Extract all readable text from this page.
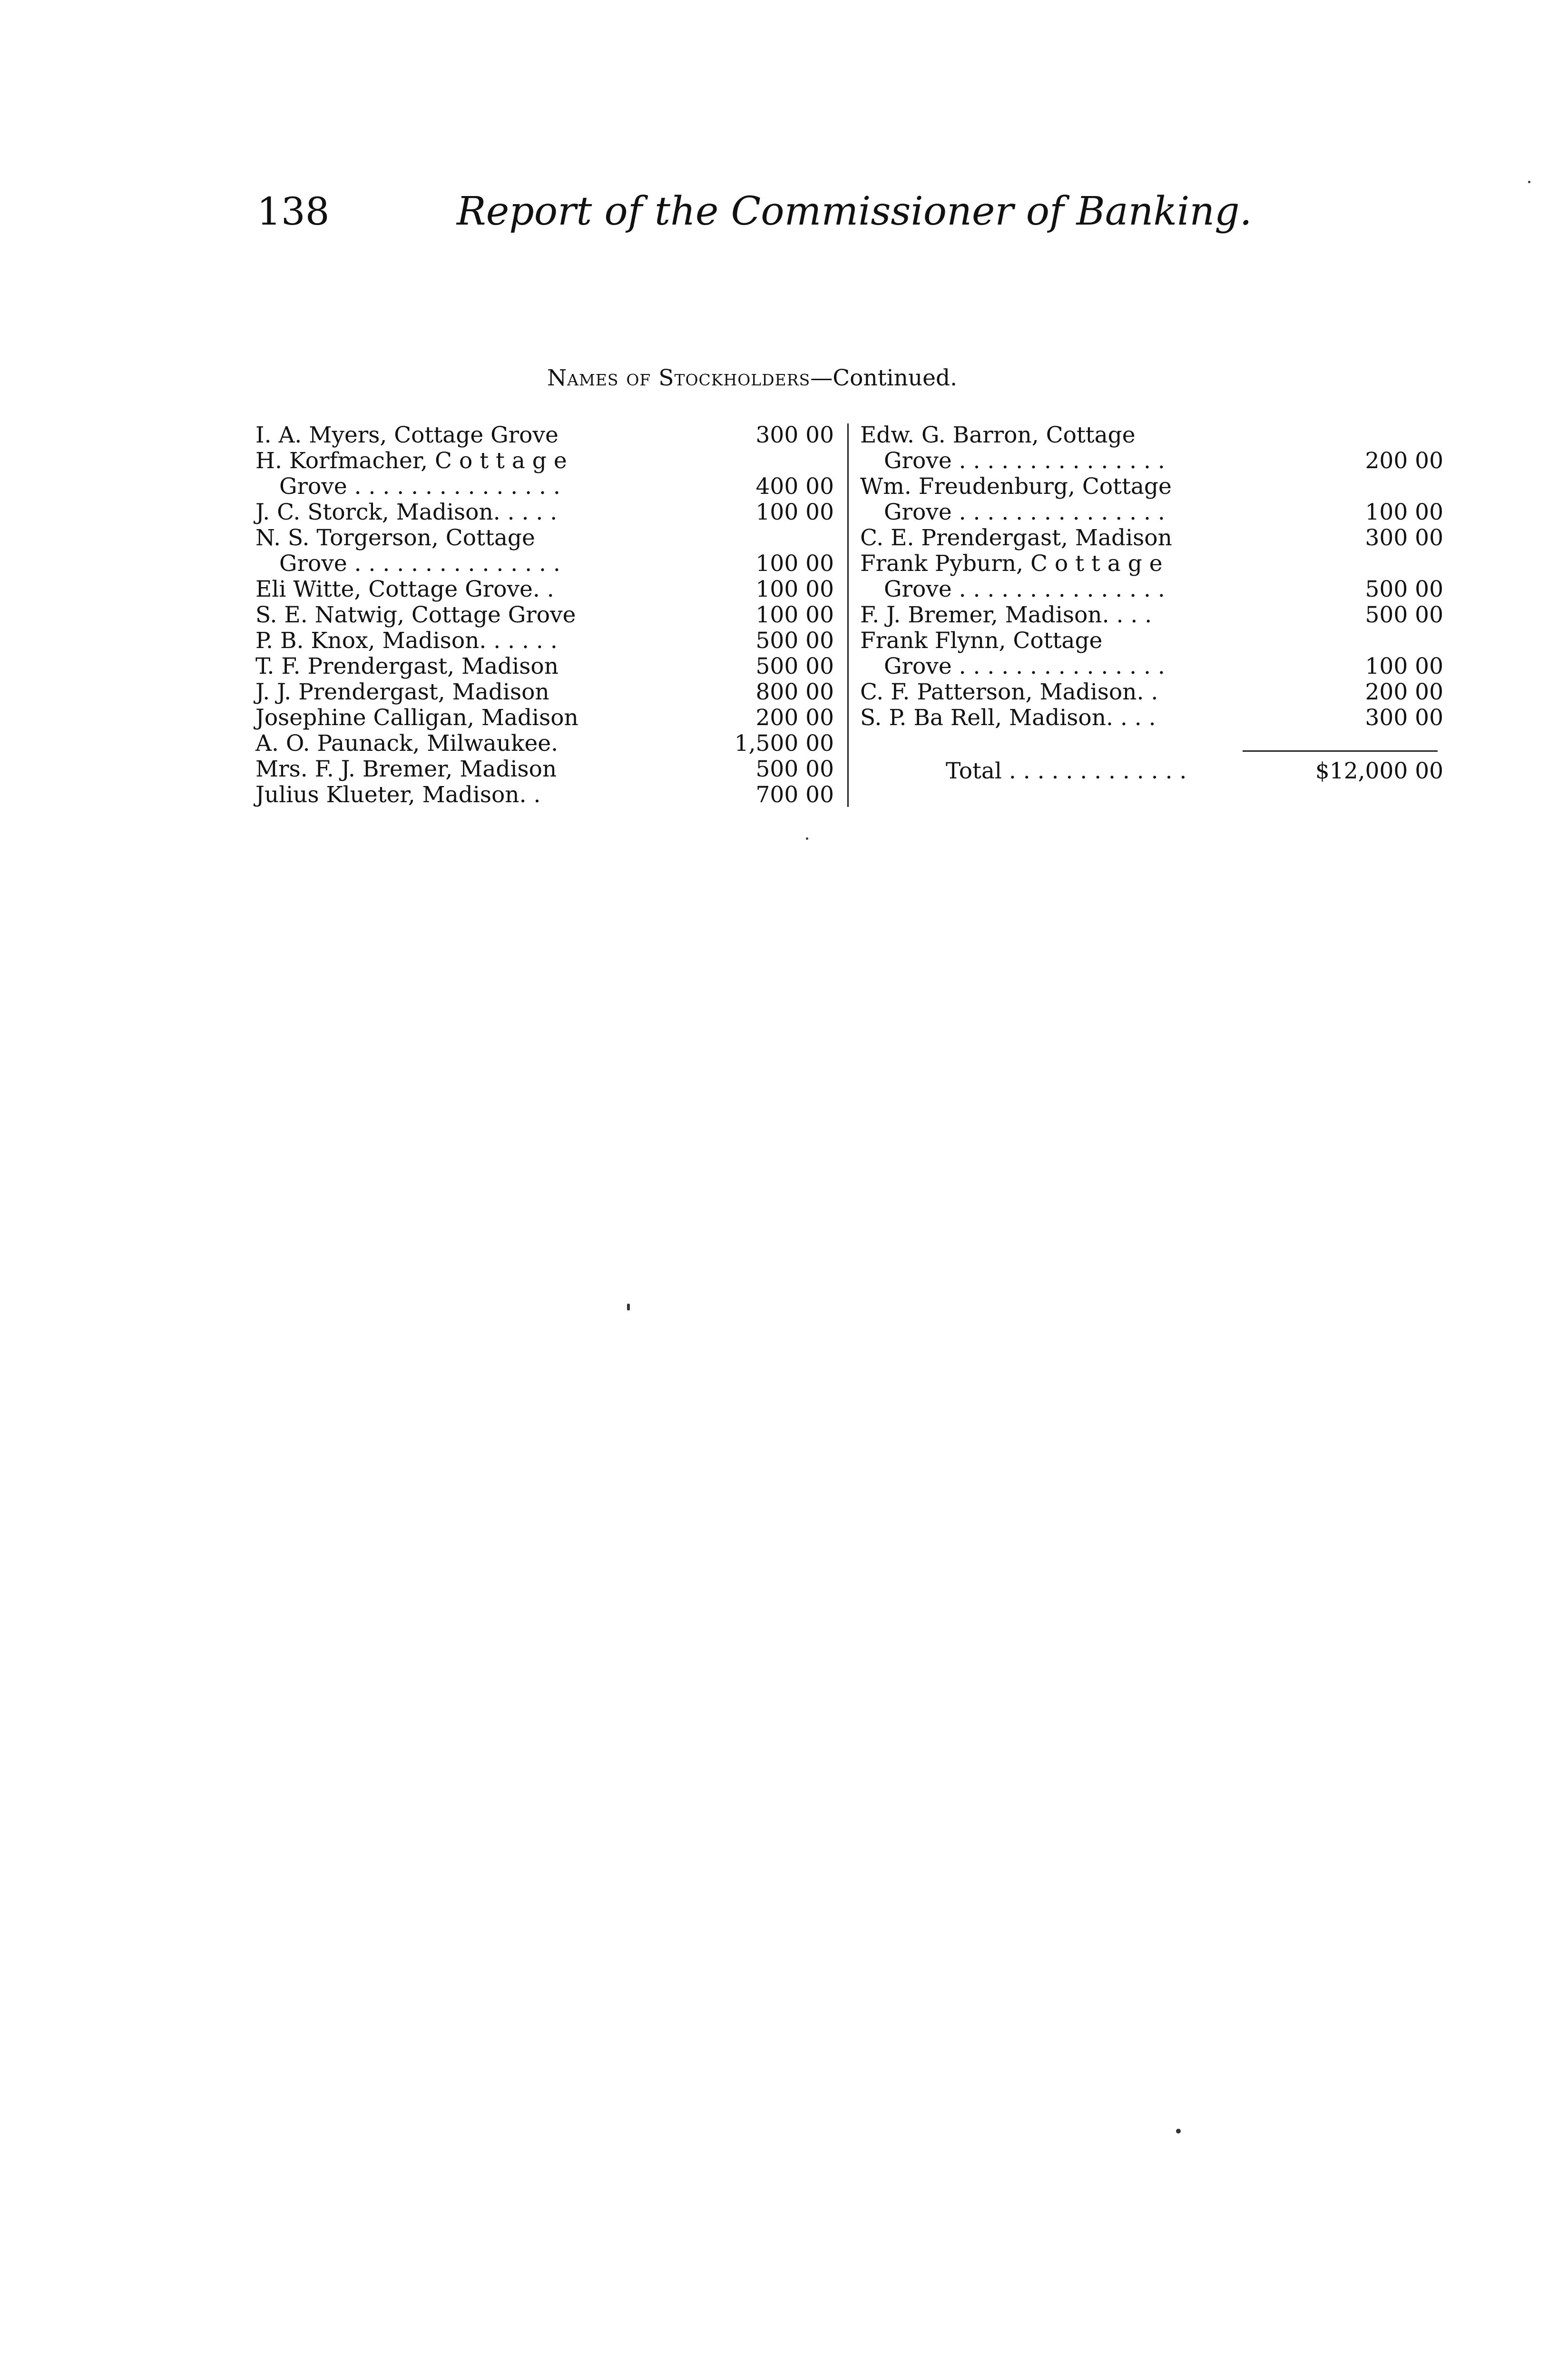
138	Report of the Commissioner of Banking.
Names of Stockholders—Continued.
I. A. Myers, Cottage Grove	300 00
H. Korfmacher, C o t t a g e
Grove . . . . . . . . . . . . . . .	400 00
J. C. Storck, Madison. . . . .	100 00
N. S. Torgerson, Cottage
Grove . . . . . . . . . . . . . . .	100 00
Eli Witte, Cottage Grove. .	100 00
S. E. Natwig, Cottage Grove	100 00
P. B. Knox, Madison. . . . . .	500 00
T. F. Prendergast, Madison	500 00
J. J. Prendergast, Madison	800 00
Josephine Calligan, Madison	200 00
A. O. Paunack, Milwaukee.	1,500 00
Mrs. F. J. Bremer, Madison	500 00
Julius Klueter, Madison. .	700 00
Edw. G. Barron, Cottage
Grove . . . . . . . . . . . . . . .	200 00
Wm. Freudenburg, Cottage
Grove . . . . . . . . . . . . . . .	100 00
C. E. Prendergast, Madison	300 00
Frank Pyburn, C o t t a g e
Grove . . . . . . . . . . . . . . .	500 00
F. J. Bremer, Madison. . . .	500 00
Frank Flynn, Cottage
Grove . . . . . . . . . . . . . . .	100 00
C. F. Patterson, Madison. .	200 00
S. P. Ba Rell, Madison. . . .	300 00
Total . . . . . . . . . . . . .	$12,000 00
